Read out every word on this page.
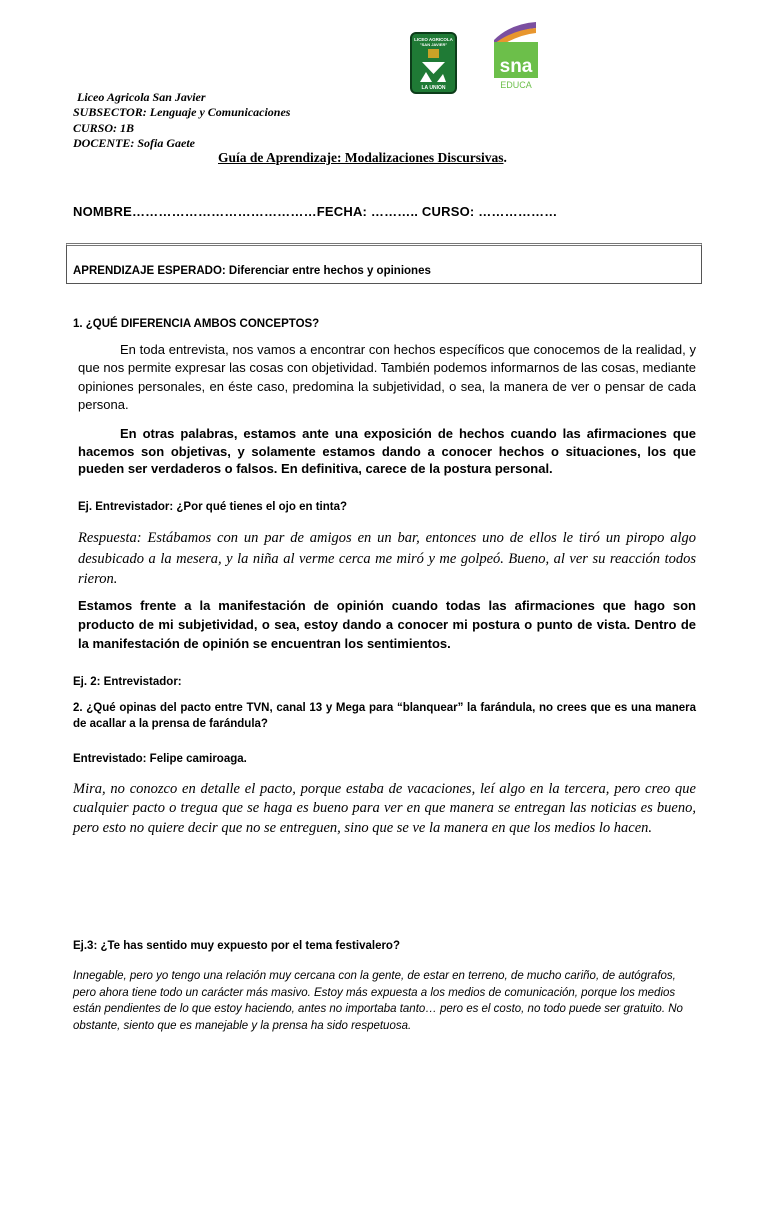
LICEO AGRICOLA
"SAN JAVIER"
LA UNION
sna
EDUCA
Liceo Agricola San Javier
SUBSECTOR: Lenguaje y Comunicaciones
CURSO: 1B
DOCENTE: Sofia Gaete
Guía de Aprendizaje: Modalizaciones Discursivas.
NOMBRE……………………………………FECHA: ……….. CURSO: ………………
APRENDIZAJE ESPERADO: Diferenciar entre hechos y opiniones
1. ¿QUÉ DIFERENCIA AMBOS CONCEPTOS?
En toda entrevista, nos vamos a encontrar con hechos específicos que conocemos de la realidad, y que nos permite expresar las cosas con objetividad. También podemos informarnos de las cosas, mediante opiniones personales, en éste caso, predomina la subjetividad, o sea, la manera de ver o pensar de cada persona.
En otras palabras, estamos ante una exposición de hechos cuando las afirmaciones que hacemos son objetivas, y solamente estamos dando a conocer hechos o situaciones, los que pueden ser verdaderos o falsos. En definitiva, carece de la postura personal.
Ej. Entrevistador: ¿Por qué tienes el ojo en tinta?
Respuesta: Estábamos con un par de amigos en un bar, entonces uno de ellos le tiró un piropo algo desubicado a la mesera, y la niña al verme cerca me miró y me golpeó. Bueno, al ver su reacción todos rieron.
Estamos frente a la manifestación de opinión cuando todas las afirmaciones que hago son producto de mi subjetividad, o sea, estoy dando a conocer mi postura o punto de vista. Dentro de la manifestación de opinión se encuentran los sentimientos.
Ej. 2: Entrevistador:
2. ¿Qué opinas del pacto entre TVN, canal 13 y Mega para “blanquear” la farándula, no crees que es una manera de acallar a la prensa de farándula?
Entrevistado: Felipe camiroaga.
Mira, no conozco en detalle el pacto, porque estaba de vacaciones, leí algo en la tercera, pero creo que cualquier pacto o tregua que se haga es bueno para ver en que manera se entregan las noticias es bueno, pero esto no quiere decir que no se entreguen, sino que se ve la manera en que los medios lo hacen.
Ej.3: ¿Te has sentido muy expuesto por el tema festivalero?
Innegable, pero yo tengo una relación muy cercana con la gente, de estar en terreno, de mucho cariño, de autógrafos, pero ahora tiene todo un carácter más masivo. Estoy más expuesta a los medios de comunicación, porque los medios están pendientes de lo que estoy haciendo, antes no importaba tanto… pero es el costo, no todo puede ser gratuito. No obstante, siento que es manejable y la prensa ha sido respetuosa.
